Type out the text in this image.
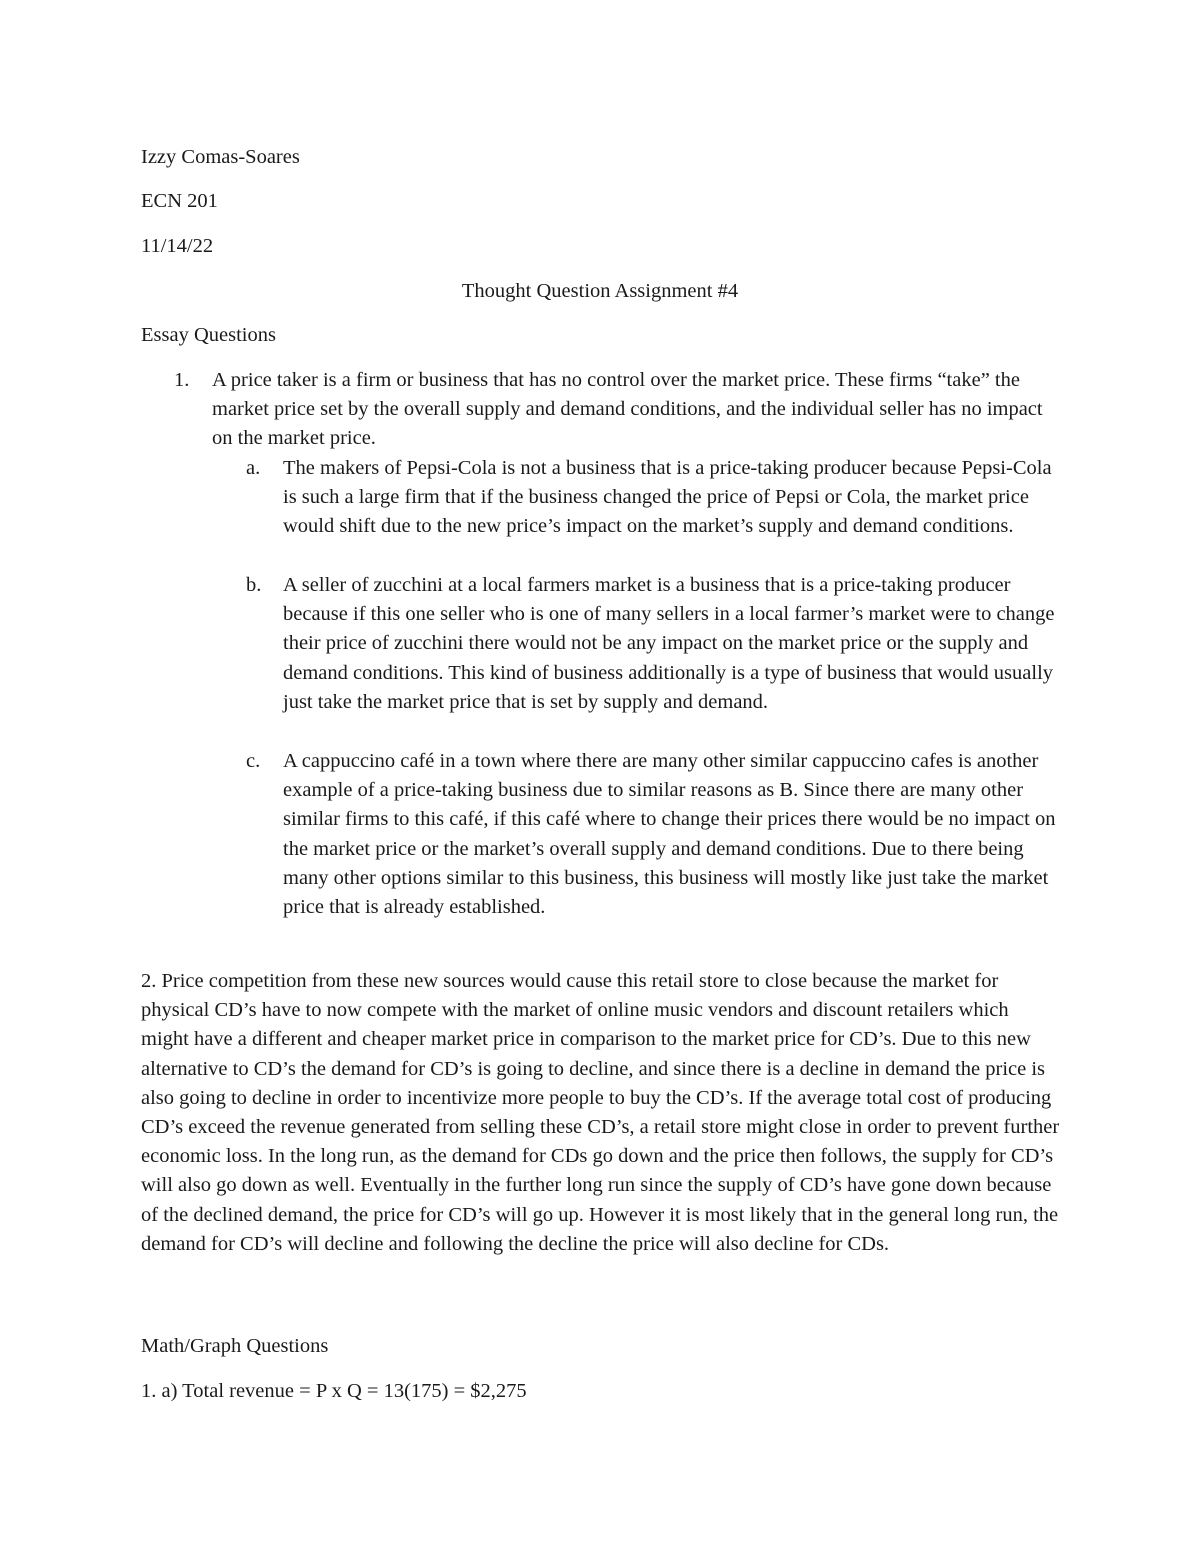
Izzy Comas-Soares
ECN 201
11/14/22
Thought Question Assignment #4
Essay Questions
1. A price taker is a firm or business that has no control over the market price. These firms “take” the market price set by the overall supply and demand conditions, and the individual seller has no impact on the market price.
a. The makers of Pepsi-Cola is not a business that is a price-taking producer because Pepsi-Cola is such a large firm that if the business changed the price of Pepsi or Cola, the market price would shift due to the new price’s impact on the market’s supply and demand conditions.
b. A seller of zucchini at a local farmers market is a business that is a price-taking producer because if this one seller who is one of many sellers in a local farmer’s market were to change their price of zucchini there would not be any impact on the market price or the supply and demand conditions. This kind of business additionally is a type of business that would usually just take the market price that is set by supply and demand.
c. A cappuccino café in a town where there are many other similar cappuccino cafes is another example of a price-taking business due to similar reasons as B. Since there are many other similar firms to this café, if this café where to change their prices there would be no impact on the market price or the market’s overall supply and demand conditions. Due to there being many other options similar to this business, this business will mostly like just take the market price that is already established.
2. Price competition from these new sources would cause this retail store to close because the market for physical CD’s have to now compete with the market of online music vendors and discount retailers which might have a different and cheaper market price in comparison to the market price for CD’s. Due to this new alternative to CD’s the demand for CD’s is going to decline, and since there is a decline in demand the price is also going to decline in order to incentivize more people to buy the CD’s. If the average total cost of producing CD’s exceed the revenue generated from selling these CD’s, a retail store might close in order to prevent further economic loss. In the long run, as the demand for CDs go down and the price then follows, the supply for CD’s will also go down as well. Eventually in the further long run since the supply of CD’s have gone down because of the declined demand, the price for CD’s will go up. However it is most likely that in the general long run, the demand for CD’s will decline and following the decline the price will also decline for CDs.
Math/Graph Questions
1. a) Total revenue = P x Q = 13(175) = $2,275
